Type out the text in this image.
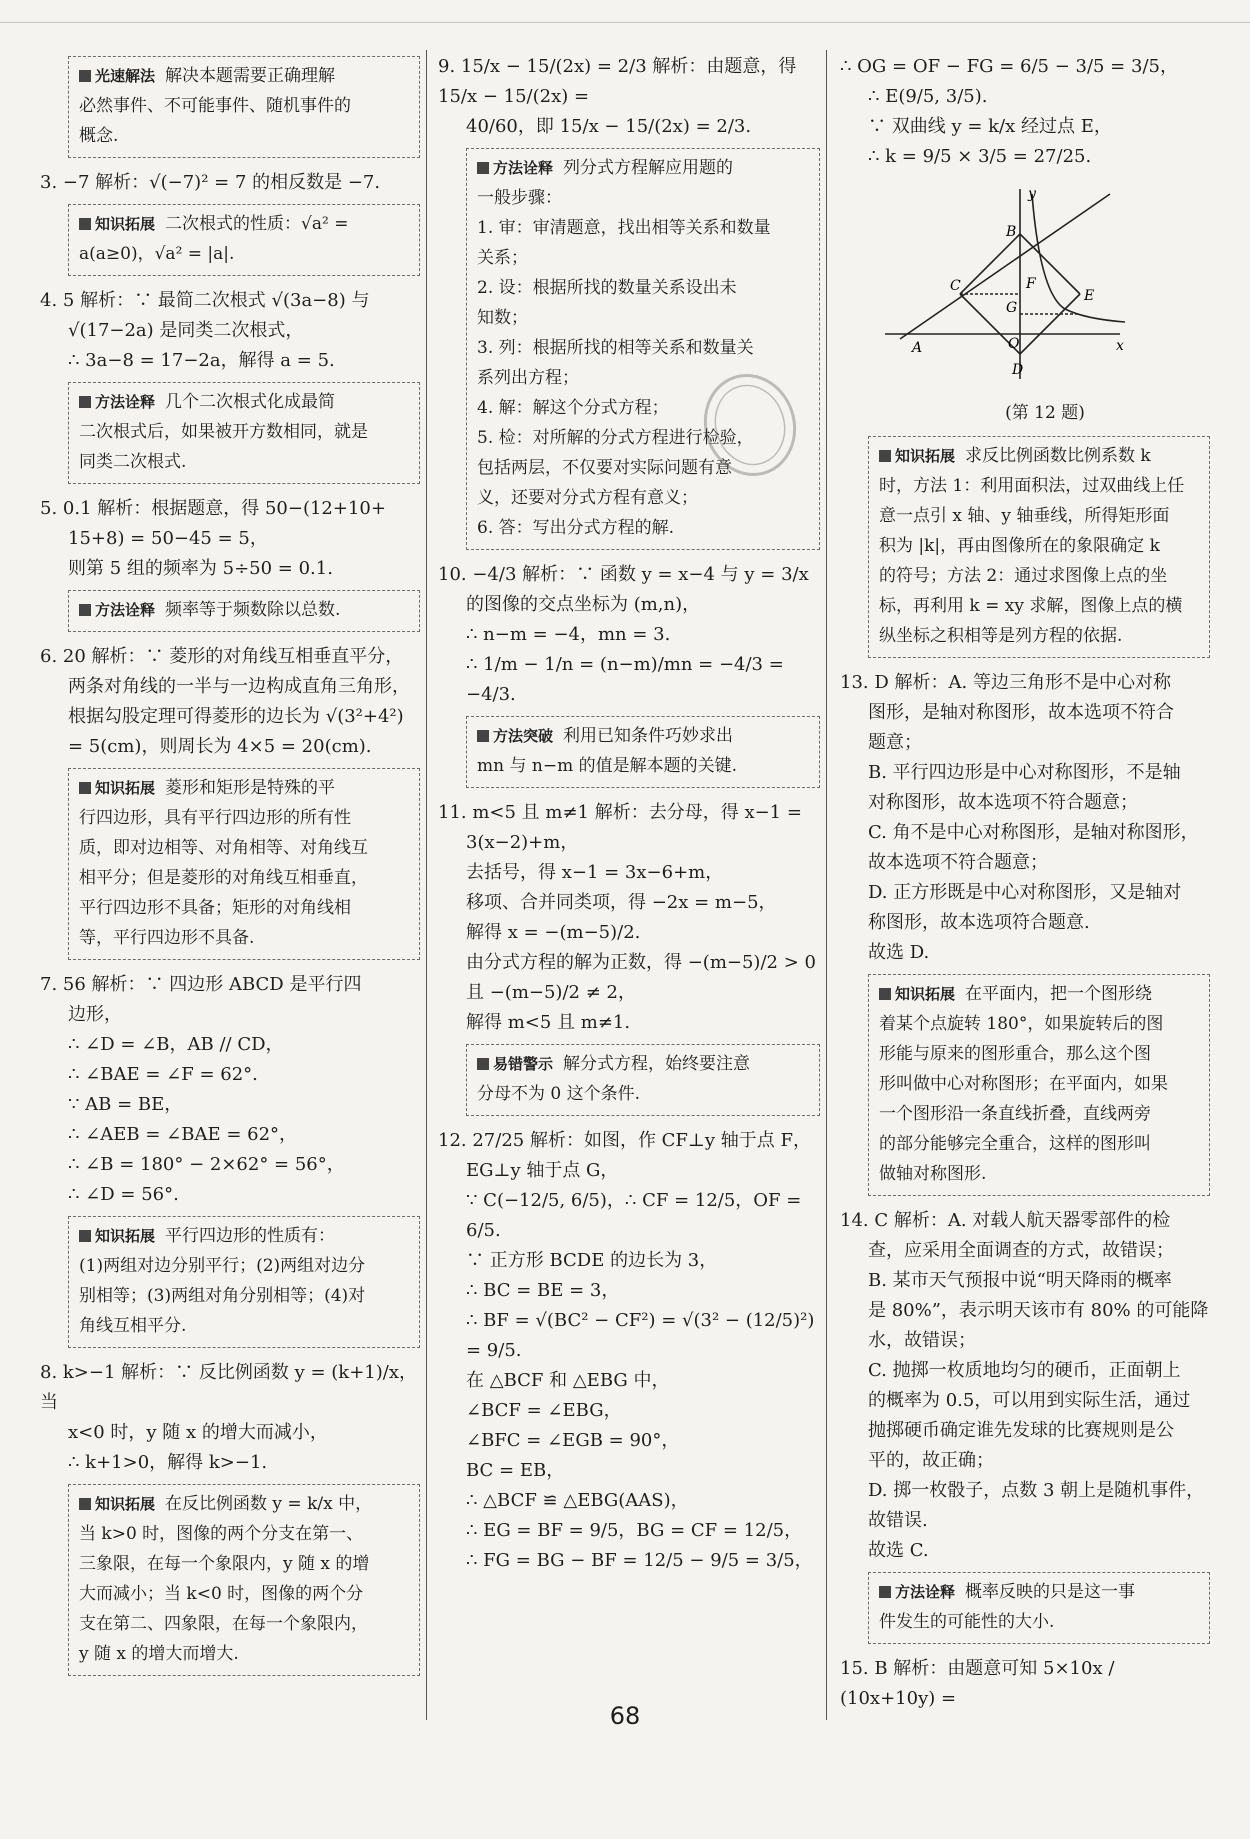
光速解法 解决本题需要正确理解

必然事件、不可能事件、随机事件的

概念.

3. −7 解析：√(−7)² = 7 的相反数是 −7.

知识拓展 二次根式的性质：√a² =

a(a≥0)，√a² = |a|.

4. 5 解析：∵ 最简二次根式 √(3a−8) 与

√(17−2a) 是同类二次根式，

∴ 3a−8 = 17−2a，解得 a = 5.

方法诠释 几个二次根式化成最简

二次根式后，如果被开方数相同，就是

同类二次根式.

5. 0.1 解析：根据题意，得 50−(12+10+

15+8) = 50−45 = 5，

则第 5 组的频率为 5÷50 = 0.1.

方法诠释 频率等于频数除以总数.

6. 20 解析：∵ 菱形的对角线互相垂直平分，

两条对角线的一半与一边构成直角三角形，

根据勾股定理可得菱形的边长为 √(3²+4²)

= 5(cm)，则周长为 4×5 = 20(cm).

知识拓展 菱形和矩形是特殊的平

行四边形，具有平行四边形的所有性

质，即对边相等、对角相等、对角线互

相平分；但是菱形的对角线互相垂直，

平行四边形不具备；矩形的对角线相

等，平行四边形不具备.

7. 56 解析：∵ 四边形 ABCD 是平行四

边形，

∴ ∠D = ∠B，AB // CD，

∴ ∠BAE = ∠F = 62°.

∵ AB = BE，

∴ ∠AEB = ∠BAE = 62°，

∴ ∠B = 180° − 2×62° = 56°，

∴ ∠D = 56°.

知识拓展 平行四边形的性质有：

(1)两组对边分别平行；(2)两组对边分

别相等；(3)两组对角分别相等；(4)对

角线互相平分.

8. k>−1 解析：∵ 反比例函数 y = (k+1)/x，当

x<0 时，y 随 x 的增大而减小，

∴ k+1>0，解得 k>−1.

知识拓展 在反比例函数 y = k/x 中，

当 k>0 时，图像的两个分支在第一、

三象限，在每一个象限内，y 随 x 的增

大而减小；当 k<0 时，图像的两个分

支在第二、四象限，在每一个象限内，

y 随 x 的增大而增大.

9. 15/x − 15/(2x) = 2/3 解析：由题意，得 15/x − 15/(2x) =

40/60，即 15/x − 15/(2x) = 2/3.

方法诠释 列分式方程解应用题的

一般步骤：

1. 审：审清题意，找出相等关系和数量

关系；

2. 设：根据所找的数量关系设出未

知数；

3. 列：根据所找的相等关系和数量关

系列出方程；

4. 解：解这个分式方程；

5. 检：对所解的分式方程进行检验，

包括两层，不仅要对实际问题有意

义，还要对分式方程有意义；

6. 答：写出分式方程的解.

10. −4/3 解析：∵ 函数 y = x−4 与 y = 3/x

的图像的交点坐标为 (m,n)，

∴ n−m = −4，mn = 3.

∴ 1/m − 1/n = (n−m)/mn = −4/3 = −4/3.

方法突破 利用已知条件巧妙求出

mn 与 n−m 的值是解本题的关键.

11. m<5 且 m≠1 解析：去分母，得 x−1 =

3(x−2)+m，

去括号，得 x−1 = 3x−6+m，

移项、合并同类项，得 −2x = m−5，

解得 x = −(m−5)/2.

由分式方程的解为正数，得 −(m−5)/2 > 0

且 −(m−5)/2 ≠ 2，

解得 m<5 且 m≠1.

易错警示 解分式方程，始终要注意

分母不为 0 这个条件.

12. 27/25 解析：如图，作 CF⊥y 轴于点 F，

EG⊥y 轴于点 G，

∵ C(−12/5, 6/5)，∴ CF = 12/5，OF = 6/5.

∵ 正方形 BCDE 的边长为 3，

∴ BC = BE = 3，

∴ BF = √(BC² − CF²) = √(3² − (12/5)²) = 9/5.

在 △BCF 和 △EBG 中，

∠BCF = ∠EBG，

∠BFC = ∠EGB = 90°，

BC = EB，

∴ △BCF ≌ △EBG(AAS)，

∴ EG = BF = 9/5，BG = CF = 12/5，

∴ FG = BG − BF = 12/5 − 9/5 = 3/5，

∴ OG = OF − FG = 6/5 − 3/5 = 3/5，

∴ E(9/5, 3/5).

∵ 双曲线 y = k/x 经过点 E，

∴ k = 9/5 × 3/5 = 27/25.

y
x
B
C	F
G
E
A	O
D
(第 12 题)
知识拓展 求反比例函数比例系数 k

时，方法 1：利用面积法，过双曲线上任

意一点引 x 轴、y 轴垂线，所得矩形面

积为 |k|，再由图像所在的象限确定 k

的符号；方法 2：通过求图像上点的坐

标，再利用 k = xy 求解，图像上点的横

纵坐标之积相等是列方程的依据.

13. D 解析：A. 等边三角形不是中心对称

图形，是轴对称图形，故本选项不符合

题意；

B. 平行四边形是中心对称图形，不是轴

对称图形，故本选项不符合题意；

C. 角不是中心对称图形，是轴对称图形，

故本选项不符合题意；

D. 正方形既是中心对称图形，又是轴对

称图形，故本选项符合题意.

故选 D.

知识拓展 在平面内，把一个图形绕

着某个点旋转 180°，如果旋转后的图

形能与原来的图形重合，那么这个图

形叫做中心对称图形；在平面内，如果

一个图形沿一条直线折叠，直线两旁

的部分能够完全重合，这样的图形叫

做轴对称图形.

14. C 解析：A. 对载人航天器零部件的检

查，应采用全面调查的方式，故错误；

B. 某市天气预报中说“明天降雨的概率

是 80%”，表示明天该市有 80% 的可能降

水，故错误；

C. 抛掷一枚质地均匀的硬币，正面朝上

的概率为 0.5，可以用到实际生活，通过

抛掷硬币确定谁先发球的比赛规则是公

平的，故正确；

D. 掷一枚骰子，点数 3 朝上是随机事件，

故错误.

故选 C.

方法诠释 概率反映的只是这一事

件发生的可能性的大小.

15. B 解析：由题意可知 5×10x / (10x+10y) =

68
